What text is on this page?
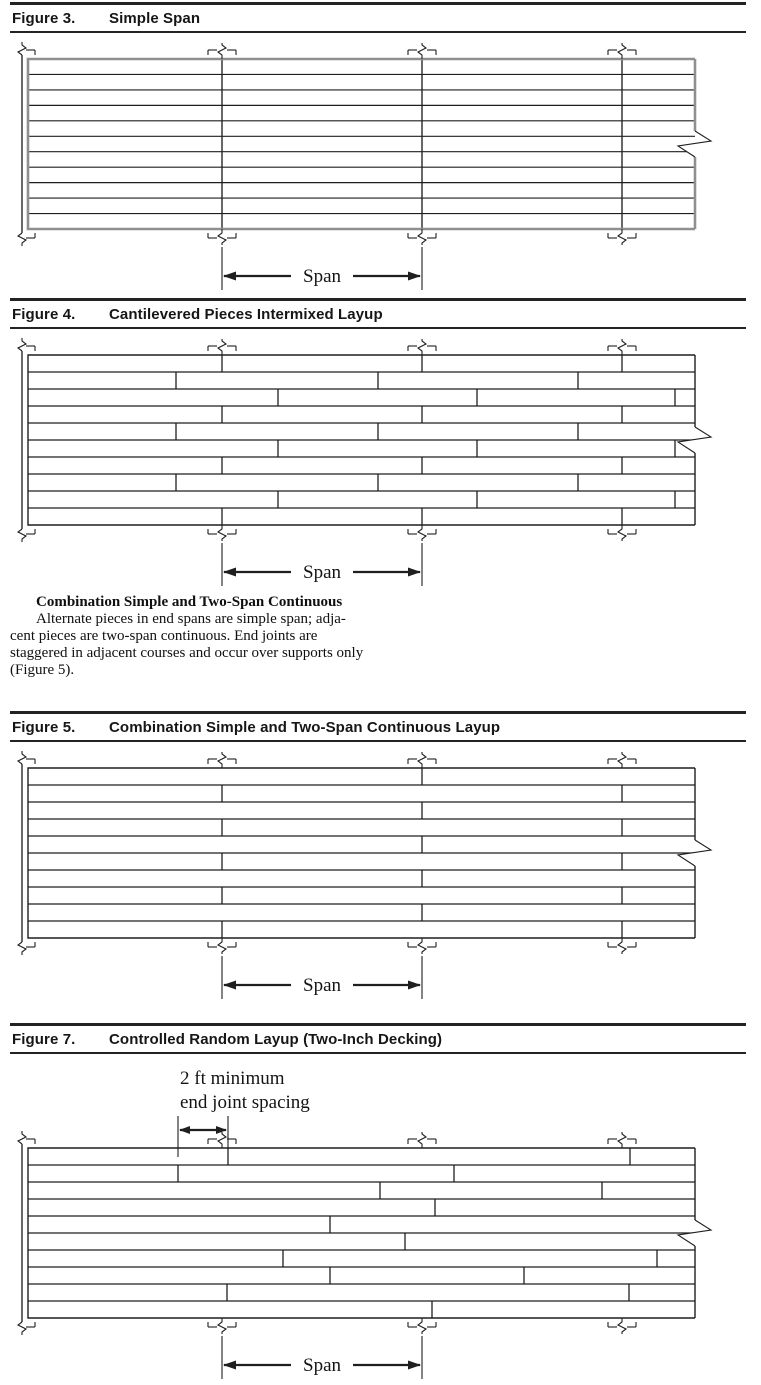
Figure 3.	Simple Span
Span
Figure 4.	Cantilevered Pieces Intermixed Layup
Span
Combination Simple and Two-Span Continuous
Alternate pieces in end spans are simple span; adja-
cent pieces are two-span continuous. End joints are
staggered in adjacent courses and occur over supports only
(Figure 5).
Figure 5.	Combination Simple and Two-Span Continuous Layup
Span
Figure 7.	Controlled Random Layup (Two-Inch Decking)
Span
2 ft minimum
end joint spacing
